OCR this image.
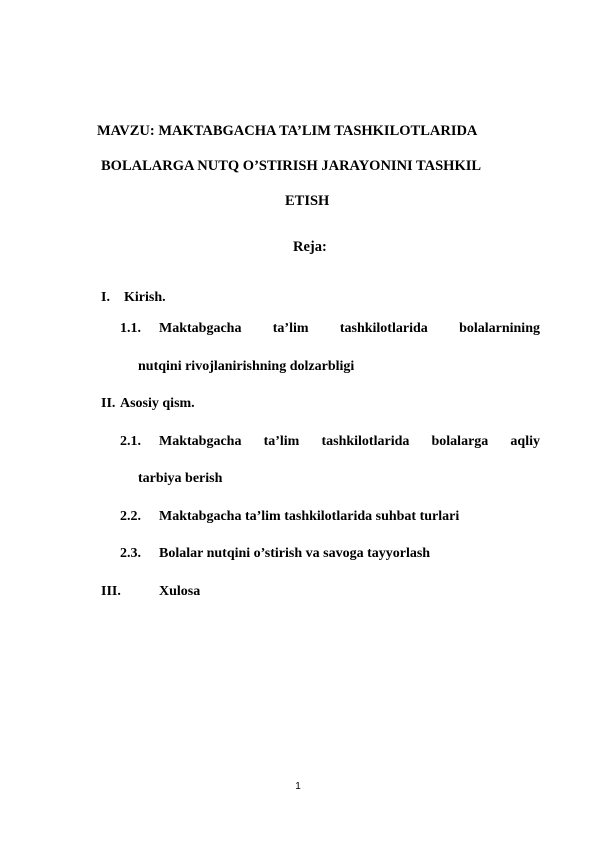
MAVZU: MAKTABGACHA TA’LIM TASHKILOTLARIDA
BOLALARGA NUTQ O’STIRISH JARAYONINI TASHKIL
ETISH
Reja:
I. Kirish.
1.1. Maktabgacha ta’lim tashkilotlarida bolalarnining
nutqini rivojlanirishning dolzarbligi
II. Asosiy qism.
2.1. Maktabgacha ta’lim tashkilotlarida bolalarga aqliy
tarbiya berish
2.2. Maktabgacha ta’lim tashkilotlarida suhbat turlari
2.3. Bolalar nutqini o’stirish va savoga tayyorlash
III.	Xulosa
1
